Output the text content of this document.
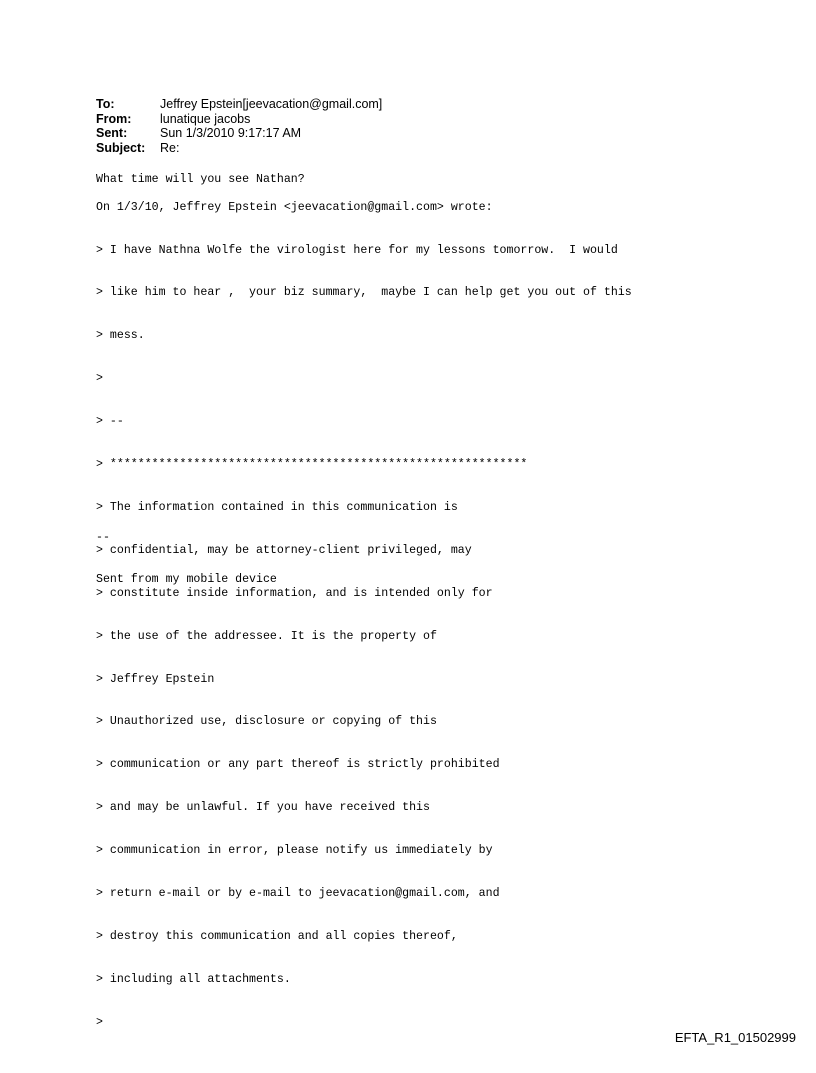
To:	Jeffrey Epstein[jeevacation@gmail.com]
From:	lunatique jacobs
Sent:	Sun 1/3/2010 9:17:17 AM
Subject:	Re:
What time will you see Nathan?
On 1/3/10, Jeffrey Epstein <jeevacation@gmail.com> wrote:

> I have Nathna Wolfe the virologist here for my lessons tomorrow.  I would

> like him to hear ,  your biz summary,  maybe I can help get you out of this

> mess.

>

> --

> ************************************************************

> The information contained in this communication is

> confidential, may be attorney-client privileged, may

> constitute inside information, and is intended only for

> the use of the addressee. It is the property of

> Jeffrey Epstein

> Unauthorized use, disclosure or copying of this

> communication or any part thereof is strictly prohibited

> and may be unlawful. If you have received this

> communication in error, please notify us immediately by

> return e-mail or by e-mail to jeevacation@gmail.com, and

> destroy this communication and all copies thereof,

> including all attachments.

>

--

Sent from my mobile device

EFTA_R1_01502999
